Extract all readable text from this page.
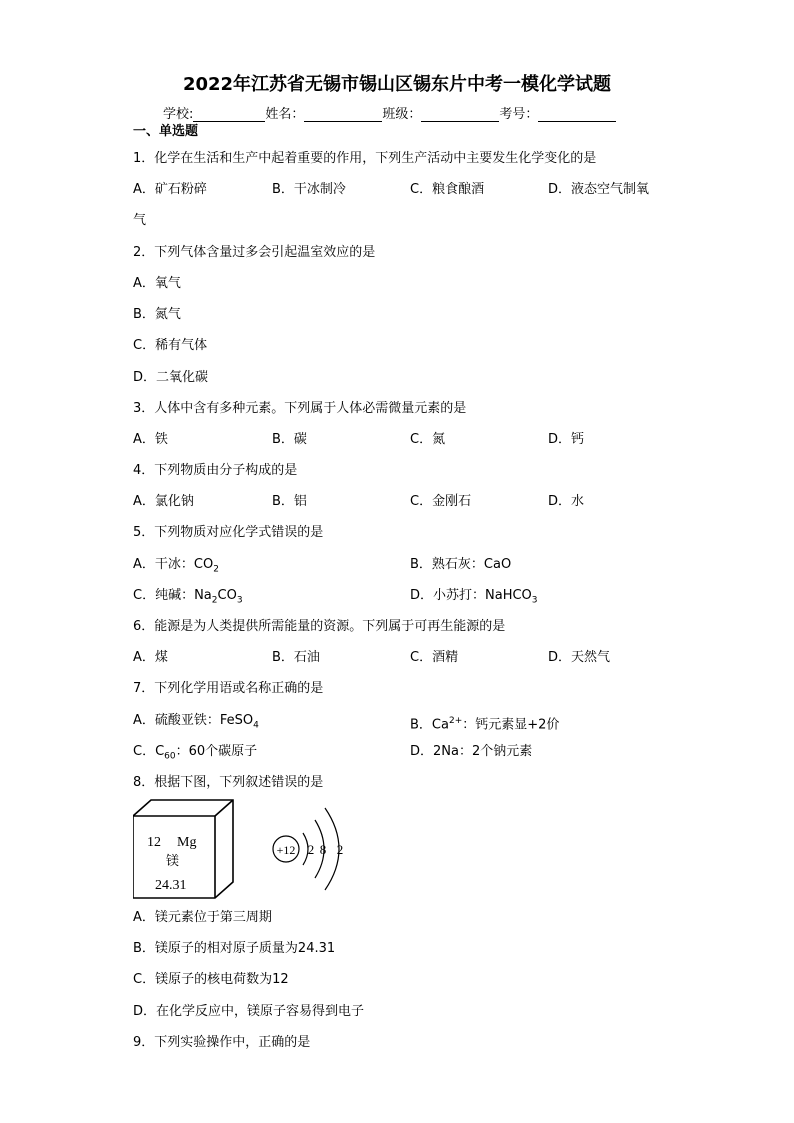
2022年江苏省无锡市锡山区锡东片中考一模化学试题
学校:	姓名：	班级：	考号：
一、单选题
1．化学在生活和生产中起着重要的作用，下列生产活动中主要发生化学变化的是
A．矿石粉碎	B．干冰制冷	C．粮食酿酒	D．液态空气制氧
气
2．下列气体含量过多会引起温室效应的是
A．氧气
B．氮气
C．稀有气体
D．二氧化碳
3．人体中含有多种元素。下列属于人体必需微量元素的是
A．铁	B．碳	C．氮	D．钙
4．下列物质由分子构成的是
A．氯化钠	B．铝	C．金刚石	D．水
5．下列物质对应化学式错误的是
A．干冰：$CO_2$	B．熟石灰：CaO
C．纯碱：$Na_2CO_3$	D．小苏打：NaHCO$_3$
6．能源是为人类提供所需能量的资源。下列属于可再生能源的是
A．煤	B．石油	C．酒精	D．天然气
7．下列化学用语或名称正确的是
A．硫酸亚铁：FeSO$_4$	B．$Ca^{2+}$：钙元素显+2价
C．$C_{60}$：60个碳原子	D．2Na：2个钠元素
8．根据下图，下列叙述错误的是
12 Mg
镁
24.31
+12 2 8 2
A．镁元素位于第三周期
B．镁原子的相对原子质量为24.31
C．镁原子的核电荷数为12
D．在化学反应中，镁原子容易得到电子
9．下列实验操作中，正确的是
